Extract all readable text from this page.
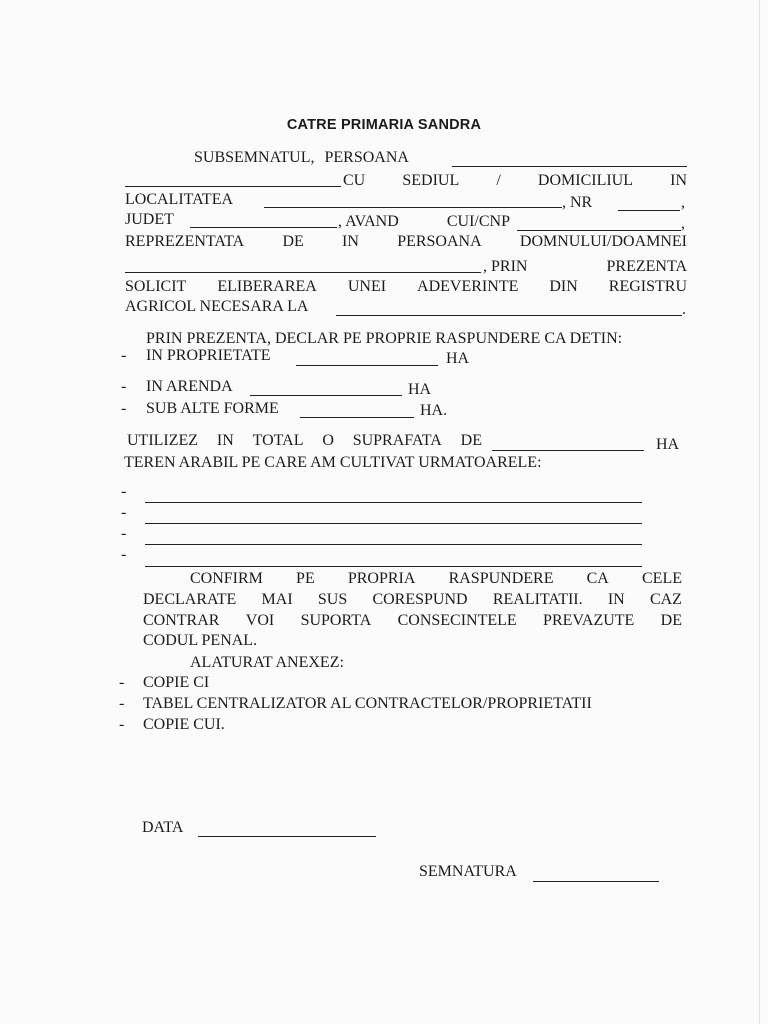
CATRE PRIMARIA SANDRA
SUBSEMNATUL, PERSOANA
CU SEDIUL / DOMICILIUL IN
LOCALITATEA	, NR	,
JUDET	, AVAND	CUI/CNP	,
REPREZENTATA DE IN PERSOANA DOMNULUI/DOAMNEI
, PRIN	PREZENTA
SOLICIT ELIBERAREA UNEI ADEVERINTE DIN REGISTRU
AGRICOL NECESARA LA	.
PRIN PREZENTA, DECLAR PE PROPRIE RASPUNDERE CA DETIN:
- IN PROPRIETATE	HA
- IN ARENDA	HA
- SUB ALTE FORME	HA.
UTILIZEZ IN TOTAL O SUPRAFATA DE	HA
TEREN ARABIL PE CARE AM CULTIVAT URMATOARELE:
-
-
-
-
CONFIRM PE PROPRIA RASPUNDERE CA CELE
DECLARATE MAI SUS CORESPUND REALITATII. IN CAZ
CONTRAR VOI SUPORTA CONSECINTELE PREVAZUTE DE
CODUL PENAL.
ALATURAT ANEXEZ:
- COPIE CI
- TABEL CENTRALIZATOR AL CONTRACTELOR/PROPRIETATII
- COPIE CUI.
DATA
SEMNATURA
